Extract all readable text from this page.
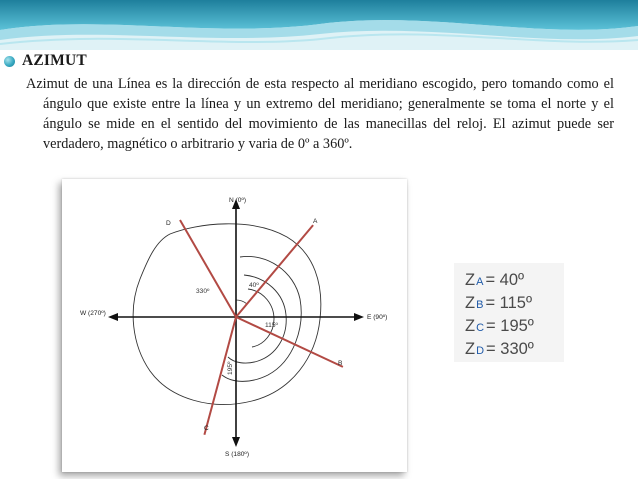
AZIMUT

Azimut de una Línea es la dirección de esta respecto al meridiano escogido, pero tomando como el ángulo que existe entre la línea y un extremo del meridiano; generalmente se toma el norte y el ángulo se mide en el sentido del movimiento de las manecillas del reloj. El azimut puede ser verdadero, magnético o arbitrario y varia de 0º a 360º.

N (0º)
S (180º)
E (90º)
W (270º)
A
B
C
D
40º
115º
195º
330º
Z A = 40º
Z B = 115º
Z C = 195º
Z D = 330º
